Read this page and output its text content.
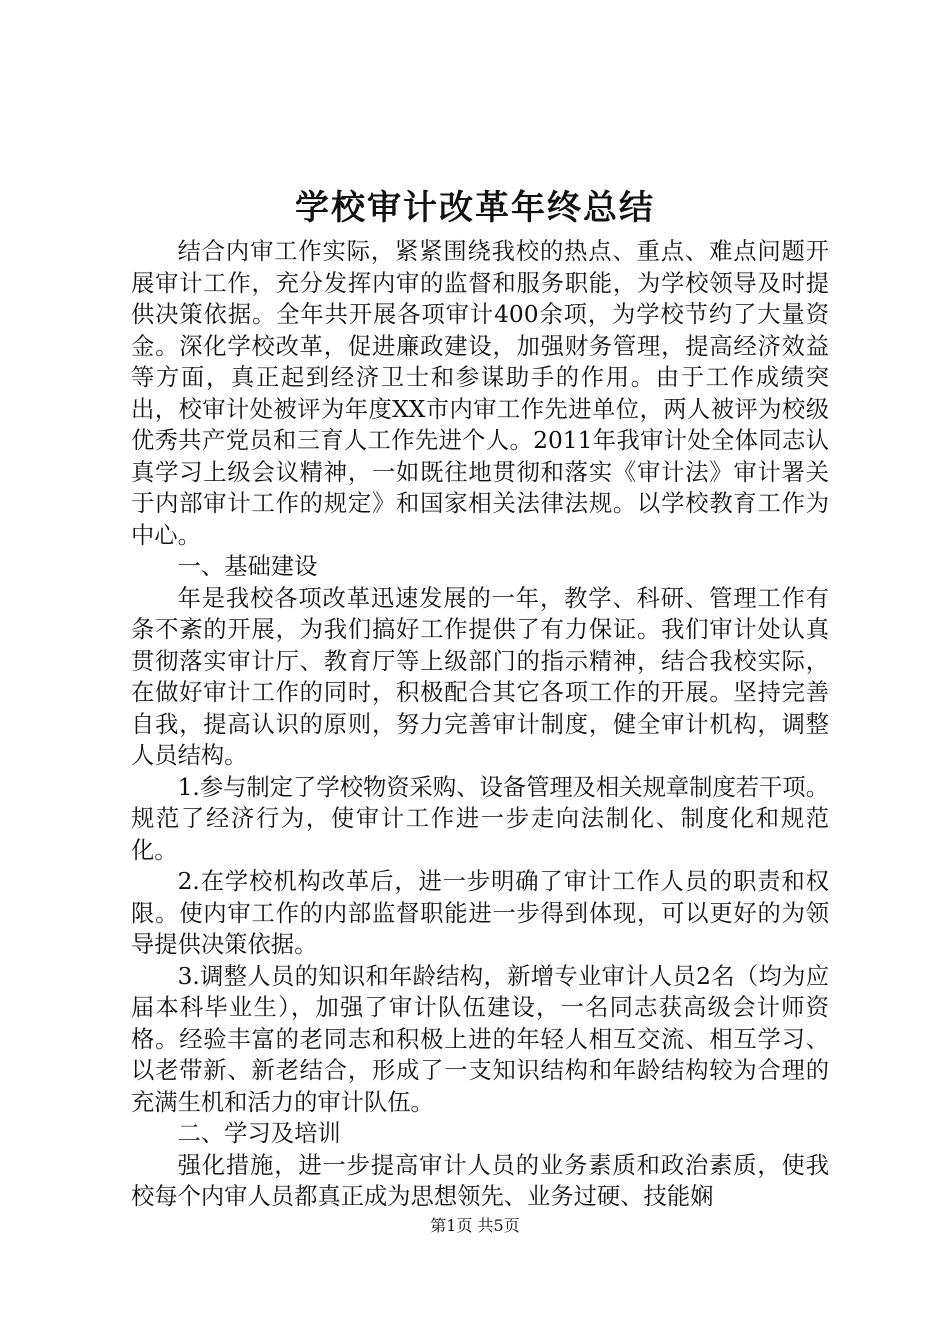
学校审计改革年终总结

结合内审工作实际，紧紧围绕我校的热点、重点、难点问题开展审计工作，充分发挥内审的监督和服务职能，为学校领导及时提供决策依据。全年共开展各项审计400余项，为学校节约了大量资金。深化学校改革，促进廉政建设，加强财务管理，提高经济效益等方面，真正起到经济卫士和参谋助手的作用。由于工作成绩突出，校审计处被评为年度XX市内审工作先进单位，两人被评为校级优秀共产党员和三育人工作先进个人。2011年我审计处全体同志认真学习上级会议精神，一如既往地贯彻和落实《审计法》审计署关于内部审计工作的规定》和国家相关法律法规。以学校教育工作为中心。

一、基础建设

年是我校各项改革迅速发展的一年，教学、科研、管理工作有条不紊的开展，为我们搞好工作提供了有力保证。我们审计处认真贯彻落实审计厅、教育厅等上级部门的指示精神，结合我校实际，在做好审计工作的同时，积极配合其它各项工作的开展。坚持完善自我，提高认识的原则，努力完善审计制度，健全审计机构，调整人员结构。

1.参与制定了学校物资采购、设备管理及相关规章制度若干项。规范了经济行为，使审计工作进一步走向法制化、制度化和规范化。

2.在学校机构改革后，进一步明确了审计工作人员的职责和权限。使内审工作的内部监督职能进一步得到体现，可以更好的为领导提供决策依据。

3.调整人员的知识和年龄结构，新增专业审计人员2名（均为应届本科毕业生），加强了审计队伍建设，一名同志获高级会计师资格。经验丰富的老同志和积极上进的年轻人相互交流、相互学习、以老带新、新老结合，形成了一支知识结构和年龄结构较为合理的充满生机和活力的审计队伍。

二、学习及培训

强化措施，进一步提高审计人员的业务素质和政治素质，使我校每个内审人员都真正成为思想领先、业务过硬、技能娴

第1页 共5页
